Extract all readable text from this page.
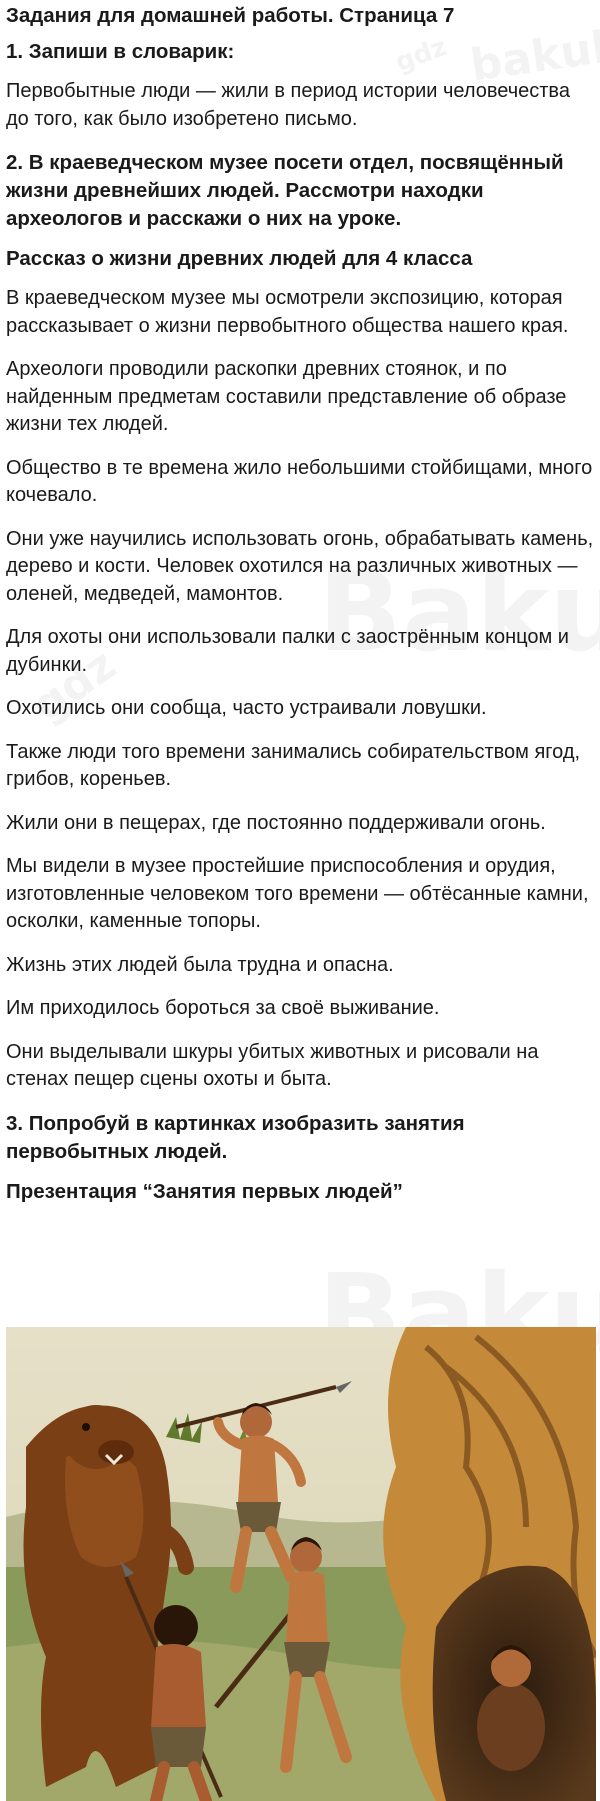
Задания для домашней работы. Страница 7

1. Запиши в словарик:

Первобытные люди — жили в период истории человечества до того, как было изобретено письмо.

2. В краеведческом музее посети отдел, посвящённый жизни древнейших людей. Рассмотри находки археологов и расскажи о них на уроке.

Рассказ о жизни древних людей для 4 класса

В краеведческом музее мы осмотрели экспозицию, которая рассказывает о жизни первобытного общества нашего края.

Археологи проводили раскопки древних стоянок, и по найденным предметам составили представление об образе жизни тех людей.

Общество в те времена жило небольшими стойбищами, много кочевало.

Они уже научились использовать огонь, обрабатывать камень, дерево и кости. Человек охотился на различных животных — оленей, медведей, мамонтов.

Для охоты они использовали палки с заострённым концом и дубинки.

Охотились они сообща, часто устраивали ловушки.

Также люди того времени занимались собирательством ягод, грибов, кореньев.

Жили они в пещерах, где постоянно поддерживали огонь.

Мы видели в музее простейшие приспособления и орудия, изготовленные человеком того времени — обтёсанные камни, осколки, каменные топоры.

Жизнь этих людей была трудна и опасна.

Им приходилось бороться за своё выживание.

Они выделывали шкуры убитых животных и рисовали на стенах пещер сцены охоты и быта.

3. Попробуй в картинках изобразить занятия первобытных людей.

Презентация “Занятия первых людей”
